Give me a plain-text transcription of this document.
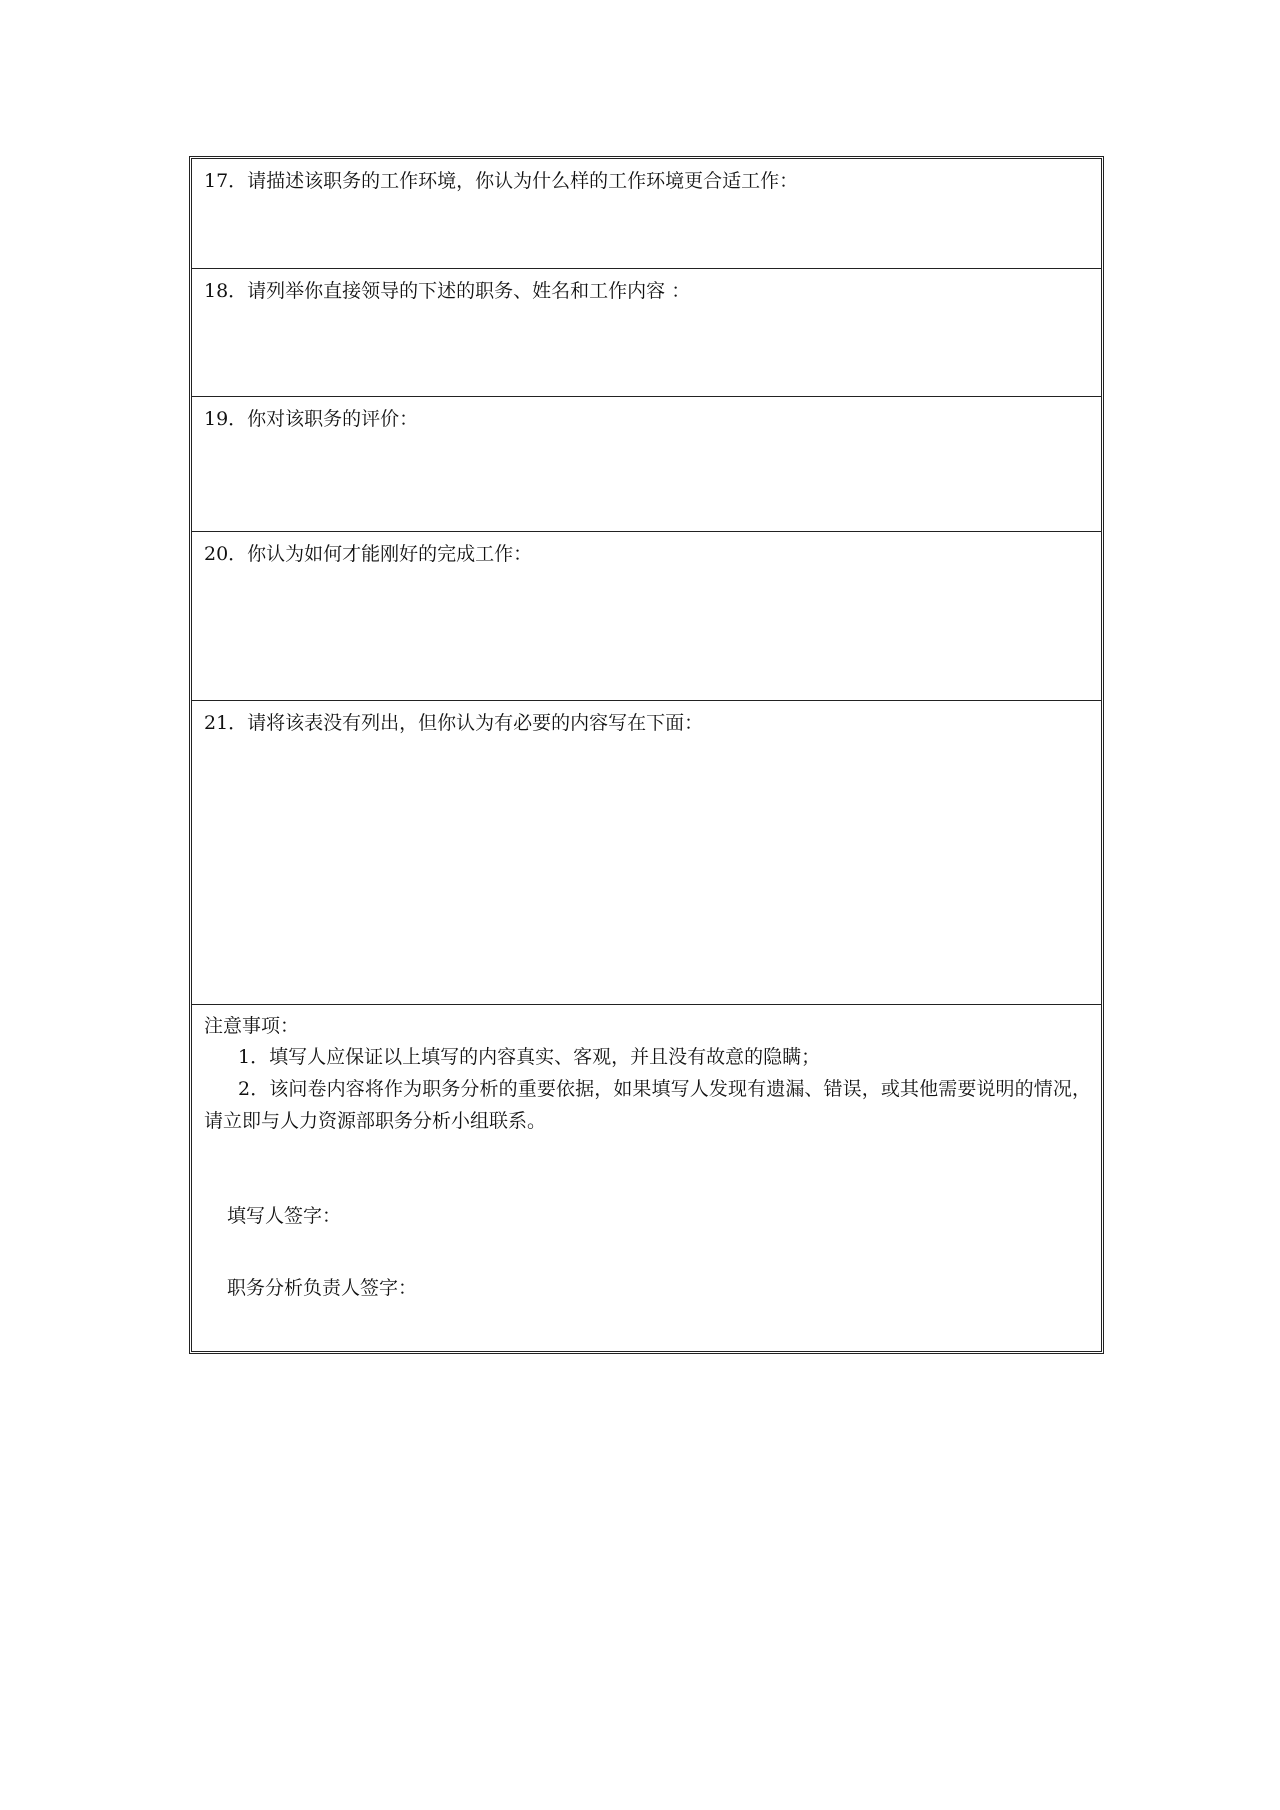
17．请描述该职务的工作环境，你认为什么样的工作环境更合适工作：
18．请列举你直接领导的下述的职务、姓名和工作内容 ：
19．你对该职务的评价：
20．你认为如何才能刚好的完成工作：
21．请将该表没有列出，但你认为有必要的内容写在下面：
注意事项：
1．填写人应保证以上填写的内容真实、客观，并且没有故意的隐瞒；
2．该问卷内容将作为职务分析的重要依据，如果填写人发现有遗漏、错误，或其他需要说明的情况，请立即与人力资源部职务分析小组联系。
填写人签字：
职务分析负责人签字：
